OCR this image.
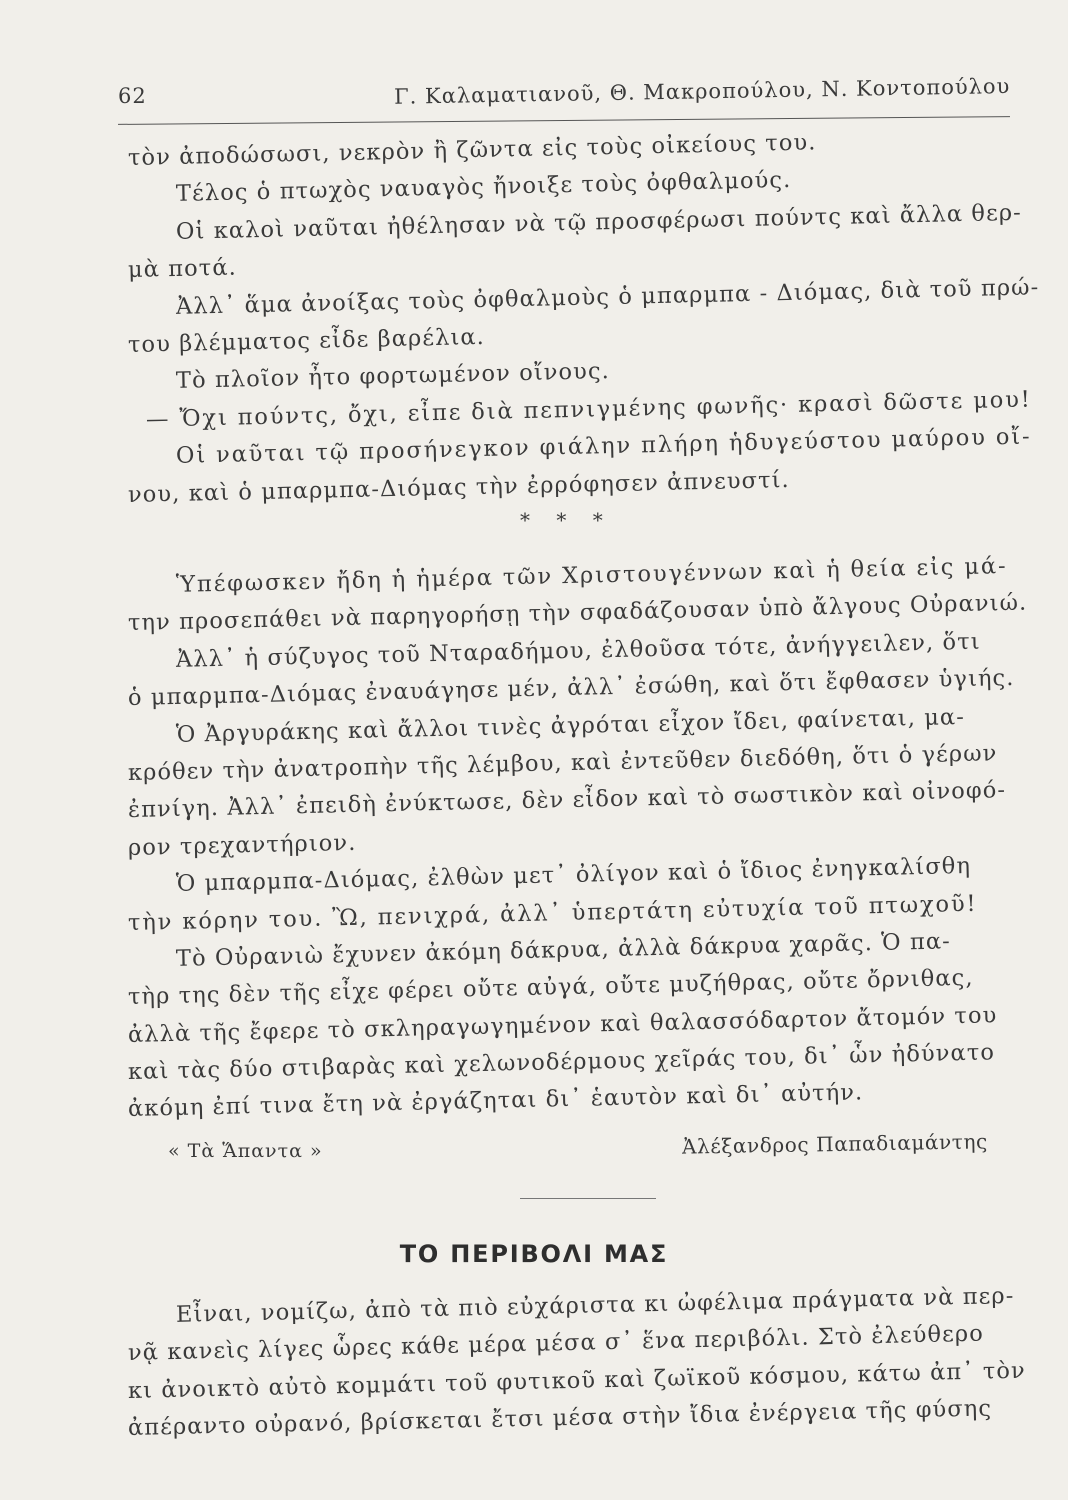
62	Γ. Καλαματιανοῦ, Θ. Μακροπούλου, Ν. Κοντοπούλου
τὸν ἀποδώσωσι, νεκρὸν ἢ ζῶντα εἰς τοὺς οἰκείους του.
Τέλος ὁ πτωχὸς ναυαγὸς ἤνοιξε τοὺς ὀφθαλμούς.
Οἱ καλοὶ ναῦται ἠθέλησαν νὰ τῷ προσφέρωσι πούντς καὶ ἄλλα θερ-
μὰ ποτά.
Ἀλλ᾽ ἅμα ἀνοίξας τοὺς ὀφθαλμοὺς ὁ μπαρμπα - Διόμας, διὰ τοῦ πρώ-
του βλέμματος εἶδε βαρέλια.
Τὸ πλοῖον ἦτο φορτωμένον οἴνους.
— Ὄχι πούντς, ὄχι, εἶπε διὰ πεπνιγμένης φωνῆς· κρασὶ δῶστε μου!
Οἱ ναῦται τῷ προσήνεγκον φιάλην πλήρη ἡδυγεύστου μαύρου οἴ-
νου, καὶ ὁ μπαρμπα-Διόμας τὴν ἐρρόφησεν ἀπνευστί.
* * *
Ὑπέφωσκεν ἤδη ἡ ἡμέρα τῶν Χριστουγέννων καὶ ἡ θεία εἰς μά-
την προσεπάθει νὰ παρηγορήσῃ τὴν σφαδάζουσαν ὑπὸ ἄλγους Οὐρανιώ.
Ἀλλ᾽ ἡ σύζυγος τοῦ Νταραδήμου, ἐλθοῦσα τότε, ἀνήγγειλεν, ὅτι
ὁ μπαρμπα-Διόμας ἐναυάγησε μέν, ἀλλ᾽ ἐσώθη, καὶ ὅτι ἔφθασεν ὑγιής.
Ὁ Ἀργυράκης καὶ ἄλλοι τινὲς ἀγρόται εἶχον ἴδει, φαίνεται, μα-
κρόθεν τὴν ἀνατροπὴν τῆς λέμβου, καὶ ἐντεῦθεν διεδόθη, ὅτι ὁ γέρων
ἐπνίγη. Ἀλλ᾽ ἐπειδὴ ἐνύκτωσε, δὲν εἶδον καὶ τὸ σωστικὸν καὶ οἰνοφό-
ρον τρεχαντήριον.
Ὁ μπαρμπα-Διόμας, ἐλθὼν μετ᾽ ὀλίγον καὶ ὁ ἴδιος ἐνηγκαλίσθη
τὴν κόρην του. Ὢ, πενιχρά, ἀλλ᾽ ὑπερτάτη εὐτυχία τοῦ πτωχοῦ!
Τὸ Οὐρανιὼ ἔχυνεν ἀκόμη δάκρυα, ἀλλὰ δάκρυα χαρᾶς. Ὁ πα-
τὴρ της δὲν τῆς εἶχε φέρει οὔτε αὐγά, οὔτε μυζήθρας, οὔτε ὄρνιθας,
ἀλλὰ τῆς ἔφερε τὸ σκληραγωγημένον καὶ θαλασσόδαρτον ἄτομόν του
καὶ τὰς δύο στιβαρὰς καὶ χελωνοδέρμους χεῖράς του, δι᾽ ὧν ἠδύνατο
ἀκόμη ἐπί τινα ἔτη νὰ ἐργάζηται δι᾽ ἑαυτὸν καὶ δι᾽ αὐτήν.
« Τὰ Ἅπαντα »	Ἀλέξανδρος Παπαδιαμάντης
ΤΟ ΠΕΡΙΒΟΛΙ ΜΑΣ
Εἶναι, νομίζω, ἀπὸ τὰ πιὸ εὐχάριστα κι ὠφέλιμα πράγματα νὰ περ-
νᾷ κανεὶς λίγες ὧρες κάθε μέρα μέσα σ᾽ ἕνα περιβόλι. Στὸ ἐλεύθερο
κι ἀνοικτὸ αὐτὸ κομμάτι τοῦ φυτικοῦ καὶ ζωϊκοῦ κόσμου, κάτω ἀπ᾽ τὸν
ἀπέραντο οὐρανό, βρίσκεται ἔτσι μέσα στὴν ἴδια ἐνέργεια τῆς φύσης
